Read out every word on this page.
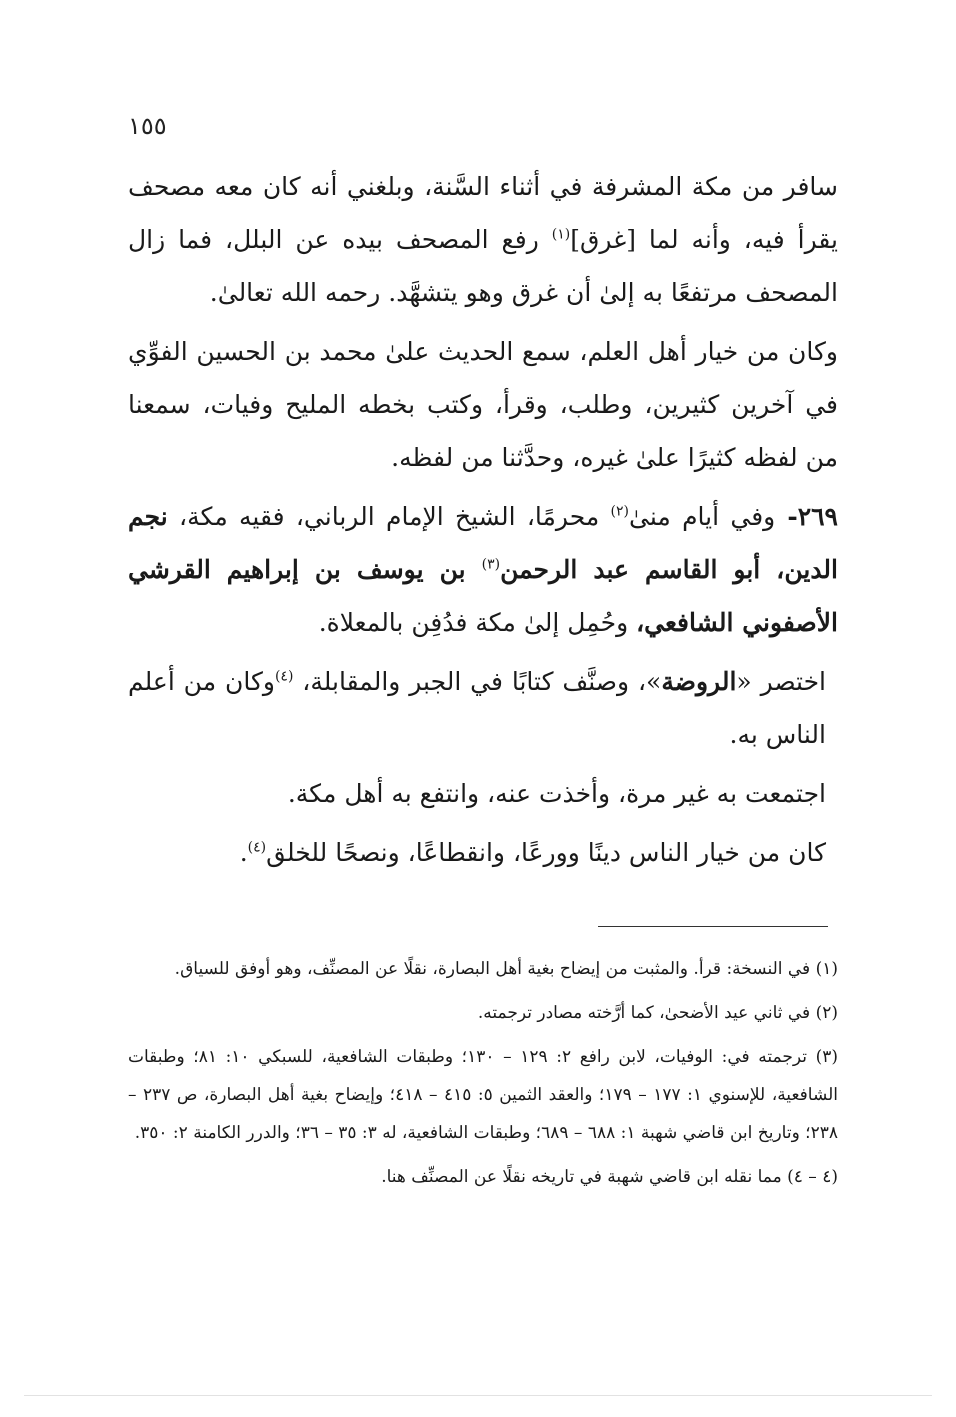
١٥٥

سافر من مكة المشرفة في أثناء السَّنة، وبلغني أنه كان معه مصحف يقرأ فيه، وأنه لما [غرق]$^{(١)}$ رفع المصحف بيده عن البلل، فما زال المصحف مرتفعًا به إلىٰ أن غرق وهو يتشهَّد. رحمه الله تعالىٰ.

وكان من خيار أهل العلم، سمع الحديث علىٰ محمد بن الحسين الفوِّي في آخرين كثيرين، وطلب، وقرأ، وكتب بخطه المليح وفيات، سمعنا من لفظه كثيرًا علىٰ غيره، وحدَّثنا من لفظه.

٢٦٩- وفي أيام منىٰ$^{(٢)}$ محرمًا، الشيخ الإمام الرباني، فقيه مكة، نجم الدين، أبو القاسم عبد الرحمن$^{(٣)}$ بن يوسف بن إبراهيم القرشي الأصفوني الشافعي، وحُمِل إلىٰ مكة فدُفِن بالمعلاة.

اختصر «الروضة»، وصنَّف كتابًا في الجبر والمقابلة، $^{(٤)}$وكان من أعلم الناس به.

اجتمعت به غير مرة، وأخذت عنه، وانتفع به أهل مكة.

كان من خيار الناس دينًا وورعًا، وانقطاعًا، ونصحًا للخلق$^{(٤)}$.

(١) في النسخة: قرأ. والمثبت من إيضاح بغية أهل البصارة، نقلًا عن المصنِّف، وهو أوفق للسياق.

(٢) في ثاني عيد الأضحىٰ، كما أرَّخته مصادر ترجمته.

(٣) ترجمته في: الوفيات، لابن رافع ٢: ١٢٩ – ١٣٠؛ وطبقات الشافعية، للسبكي ١٠: ٨١؛ وطبقات الشافعية، للإسنوي ١: ١٧٧ – ١٧٩؛ والعقد الثمين ٥: ٤١٥ – ٤١٨؛ وإيضاح بغية أهل البصارة، ص ٢٣٧ – ٢٣٨؛ وتاريخ ابن قاضي شهبة ١: ٦٨٨ – ٦٨٩؛ وطبقات الشافعية، له ٣: ٣٥ – ٣٦؛ والدرر الكامنة ٢: ٣٥٠.

(٤ – ٤) مما نقله ابن قاضي شهبة في تاريخه نقلًا عن المصنِّف هنا.
